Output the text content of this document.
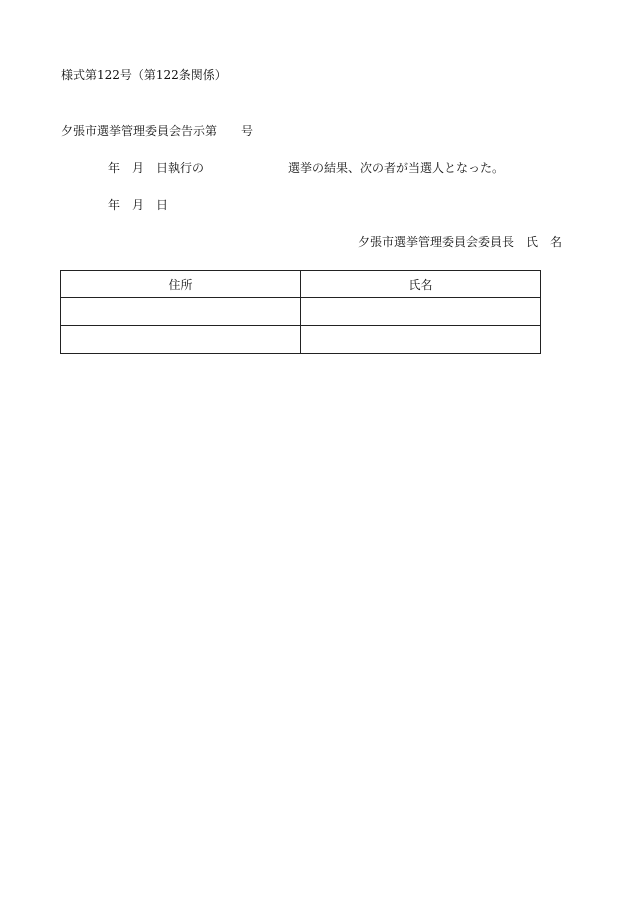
様式第122号（第122条関係）
夕張市選挙管理委員会告示第 号
年 月 日執行の	選挙の結果、次の者が当選人となった。
年 月 日
夕張市選挙管理委員会委員長 氏　名
住所	氏名
